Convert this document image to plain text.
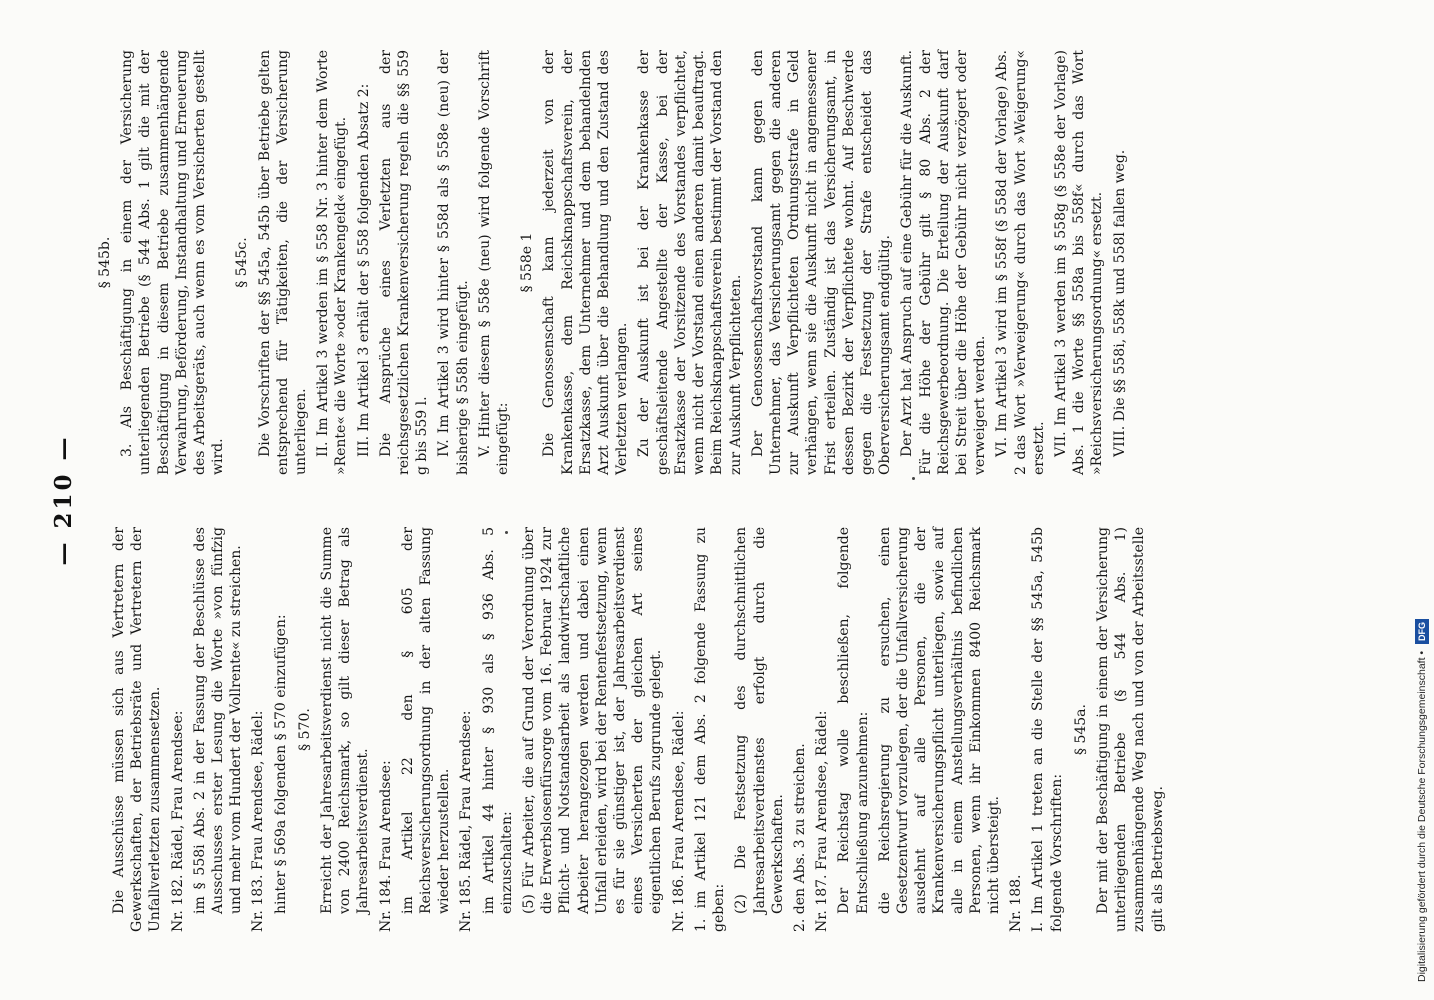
— 210 —

Die Ausschüsse müssen sich aus Vertretern der Gewerkschaften, der Betriebsräte und Vertretern der Unfallverletzten zusammensetzen. Nr. 182. Rädel, Frau Arendsee: im § 558i Abs. 2 in der Fassung der Beschlüsse des Ausschusses erster Lesung die Worte »von fünfzig und mehr vom Hundert der Vollrente« zu streichen. Nr. 183. Frau Arendsee, Rädel: hinter § 569a folgenden § 570 einzufügen: § 570. Erreicht der Jahresarbeitsverdienst nicht die Summe von 2400 Reichsmark, so gilt dieser Betrag als Jahresarbeitsverdienst. Nr. 184. Frau Arendsee: im Artikel 22 den § 605 der Reichsversicherungsordnung in der alten Fassung wieder herzustellen. Nr. 185. Rädel, Frau Arendsee: im Artikel 44 hinter § 930 als § 936 Abs. 5 einzuschalten: (5) Für Arbeiter, die auf Grund der Verordnung über die Erwerbslosenfürsorge vom 16. Februar 1924 zur Pflicht- und Notstandsarbeit als landwirtschaftliche Arbeiter herangezogen werden und dabei einen Unfall erleiden, wird bei der Rentenfestsetzung, wenn es für sie günstiger ist, der Jahresarbeitsverdienst eines Versicherten der gleichen Art seines eigentlichen Berufs zugrunde gelegt. Nr. 186. Frau Arendsee, Rädel: 1. im Artikel 121 dem Abs. 2 folgende Fassung zu geben: (2) Die Festsetzung des durchschnittlichen Jahresarbeitsverdienstes erfolgt durch die Gewerkschaften. 2. den Abs. 3 zu streichen. Nr. 187. Frau Arendsee, Rädel: Der Reichstag wolle beschließen, folgende Entschließung anzunehmen: die Reichsregierung zu ersuchen, einen Gesetzentwurf vorzulegen, der die Unfallversicherung ausdehnt auf alle Personen, die der Krankenversicherungspflicht unterliegen, sowie auf alle in einem Anstellungsverhältnis befindlichen Personen, wenn ihr Einkommen 8400 Reichsmark nicht übersteigt. Nr. 188. I. Im Artikel 1 treten an die Stelle der §§ 545a, 545b folgende Vorschriften:

§ 545a. Der mit der Beschäftigung in einem der Versicherung unterliegenden Betriebe (§ 544 Abs. 1) zusammenhängende Weg nach und von der Arbeitsstelle gilt als Betriebsweg.

§ 545b. 3. Als Beschäftigung in einem der Versicherung unterliegenden Betriebe (§ 544 Abs. 1 gilt die mit der Beschäftigung in diesem Betriebe zusammenhängende Verwahrung, Beförderung, Instandhaltung und Erneuerung des Arbeitsgeräts, auch wenn es vom Versicherten gestellt wird.

§ 545c. Die Vorschriften der §§ 545a, 545b über Betriebe gelten entsprechend für Tätigkeiten, die der Versicherung unterliegen. II. Im Artikel 3 werden im § 558 Nr. 3 hinter dem Worte »Rente« die Worte »oder Krankengeld« eingefügt. III. Im Artikel 3 erhält der § 558 folgenden Absatz 2: Die Ansprüche eines Verletzten aus der reichsgesetzlichen Krankenversicherung regeln die §§ 559 g bis 559 l. IV. Im Artikel 3 wird hinter § 558d als § 558e (neu) der bisherige § 558h eingefügt. V. Hinter diesem § 558e (neu) wird folgende Vorschrift eingefügt:

§ 558e 1 Die Genossenschaft kann jederzeit von der Krankenkasse, dem Reichsknappschaftsverein, der Ersatzkasse, dem Unternehmer und dem behandelnden Arzt Auskunft über die Behandlung und den Zustand des Verletzten verlangen. Zu der Auskunft ist bei der Krankenkasse der geschäftsleitende Angestellte der Kasse, bei der Ersatzkasse der Vorsitzende des Vorstandes verpflichtet, wenn nicht der Vorstand einen anderen damit beauftragt. Beim Reichsknappschaftsverein bestimmt der Vorstand den zur Auskunft Verpflichteten. Der Genossenschaftsvorstand kann gegen den Unternehmer, das Versicherungsamt gegen die anderen zur Auskunft Verpflichteten Ordnungsstrafe in Geld verhängen, wenn sie die Auskunft nicht in angemessener Frist erteilen. Zuständig ist das Versicherungsamt, in dessen Bezirk der Verpflichtete wohnt. Auf Beschwerde gegen die Festsetzung der Strafe entscheidet das Oberversicherungsamt endgültig. Der Arzt hat Anspruch auf eine Gebühr für die Auskunft. Für die Höhe der Gebühr gilt § 80 Abs. 2 der Reichsgewerbeordnung. Die Erteilung der Auskunft darf bei Streit über die Höhe der Gebühr nicht verzögert oder verweigert werden. VI. Im Artikel 3 wird im § 558f (§ 558d der Vorlage) Abs. 2 das Wort »Verweigerung« durch das Wort »Weigerung« ersetzt. VII. Im Artikel 3 werden im § 558g (§ 558e der Vorlage) Abs. 1 die Worte §§ 558a bis 558f« durch das Wort »Reichsversicherungsordnung« ersetzt. VIII. Die §§ 558i, 558k und 558l fallen weg.

Digitalisierung gefördert durch die Deutsche Forschungsgemeinschaft • DFG
